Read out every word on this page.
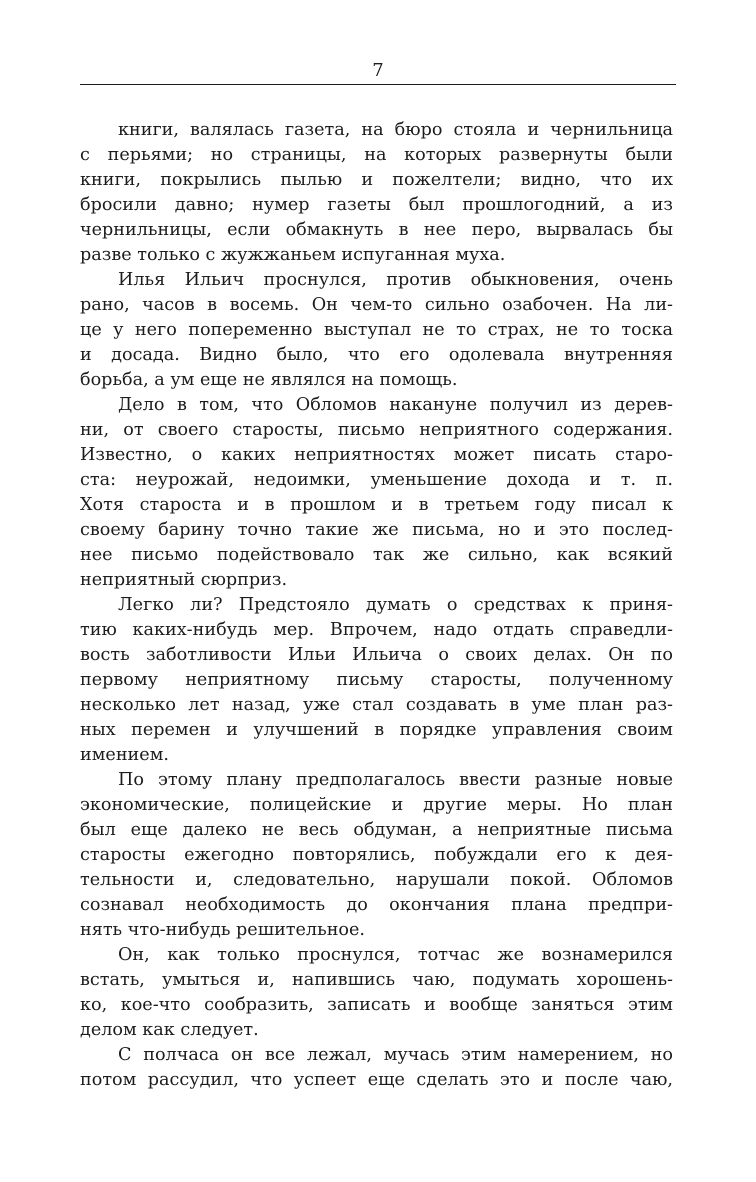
7
книги, валялась газета, на бюро стояла и чернильница
с перьями; но страницы, на которых развернуты были
книги, покрылись пылью и пожелтели; видно, что их
бросили давно; нумер газеты был прошлогодний, а из
чернильницы, если обмакнуть в нее перо, вырвалась бы
разве только с жужжаньем испуганная муха.
Илья Ильич проснулся, против обыкновения, очень
рано, часов в восемь. Он чем-то сильно озабочен. На ли-
це у него попеременно выступал не то страх, не то тоска
и досада. Видно было, что его одолевала внутренняя
борьба, а ум еще не являлся на помощь.
Дело в том, что Обломов накануне получил из дерев-
ни, от своего старосты, письмо неприятного содержания.
Известно, о каких неприятностях может писать старо-
ста: неурожай, недоимки, уменьшение дохода и т. п.
Хотя староста и в прошлом и в третьем году писал к
своему барину точно такие же письма, но и это послед-
нее письмо подействовало так же сильно, как всякий
неприятный сюрприз.
Легко ли? Предстояло думать о средствах к приня-
тию каких-нибудь мер. Впрочем, надо отдать справедли-
вость заботливости Ильи Ильича о своих делах. Он по
первому неприятному письму старосты, полученному
несколько лет назад, уже стал создавать в уме план раз-
ных перемен и улучшений в порядке управления своим
имением.
По этому плану предполагалось ввести разные новые
экономические, полицейские и другие меры. Но план
был еще далеко не весь обдуман, а неприятные письма
старосты ежегодно повторялись, побуждали его к дея-
тельности и, следовательно, нарушали покой. Обломов
сознавал необходимость до окончания плана предпри-
нять что-нибудь решительное.
Он, как только проснулся, тотчас же вознамерился
встать, умыться и, напившись чаю, подумать хорошень-
ко, кое-что сообразить, записать и вообще заняться этим
делом как следует.
С полчаса он все лежал, мучась этим намерением, но
потом рассудил, что успеет еще сделать это и после чаю,
